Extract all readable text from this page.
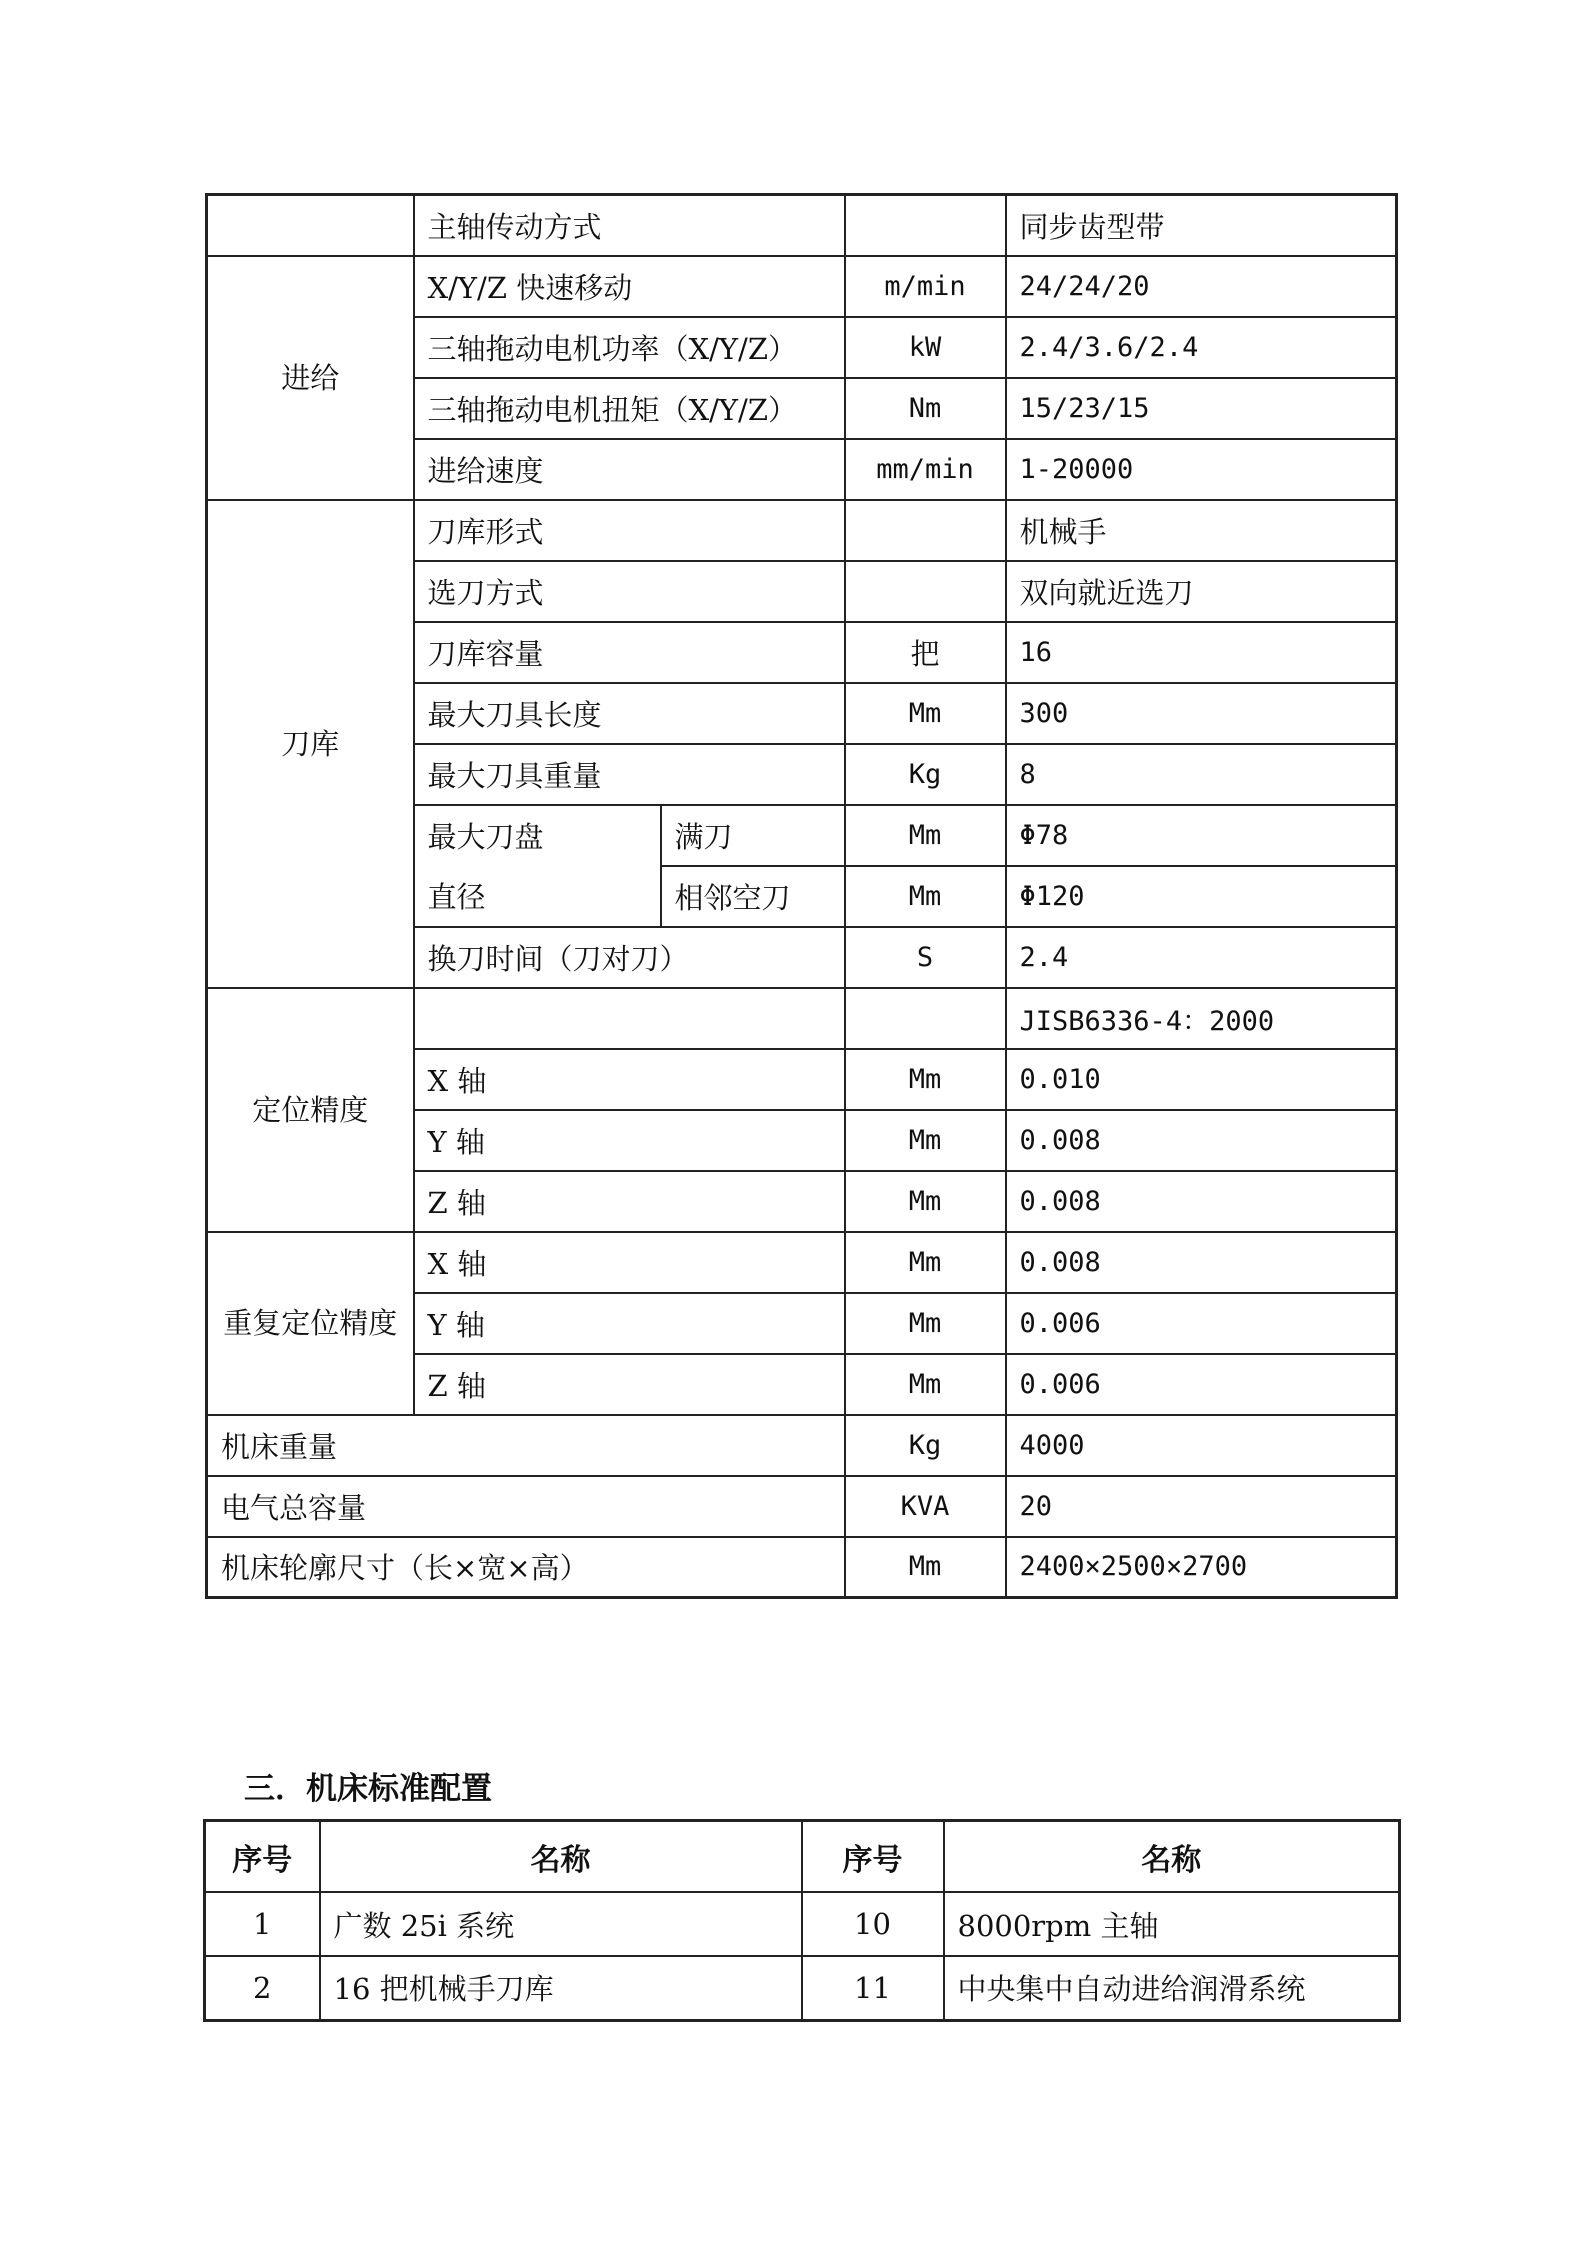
	主轴传动方式			同步齿型带
进给	X/Y/Z 快速移动		m/min	24/24/20
	三轴拖动电机功率（X/Y/Z）		kW	2.4/3.6/2.4
	三轴拖动电机扭矩（X/Y/Z）		Nm	15/23/15
	进给速度		mm/min	1-20000
刀库	刀库形式			机械手
	选刀方式			双向就近选刀
	刀库容量		把	16
	最大刀具长度		Mm	300
	最大刀具重量		Kg	8
	最大刀盘	满刀	Mm	Φ78
	直径	相邻空刀	Mm	Φ120
	换刀时间（刀对刀）		S	2.4
定位精度				JISB6336-4：2000
	X 轴		Mm	0.010
	Y 轴		Mm	0.008
	Z 轴		Mm	0.008
重复定位精度	X 轴		Mm	0.008
	Y 轴		Mm	0.006
	Z 轴		Mm	0.006
机床重量			Kg	4000
电气总容量			KVA	20
机床轮廓尺寸（长×宽×高）			Mm	2400×2500×2700
三．机床标准配置
序号	名称	序号	名称
1	广数 25i 系统	10	8000rpm 主轴
2	16 把机械手刀库	11	中央集中自动进给润滑系统
